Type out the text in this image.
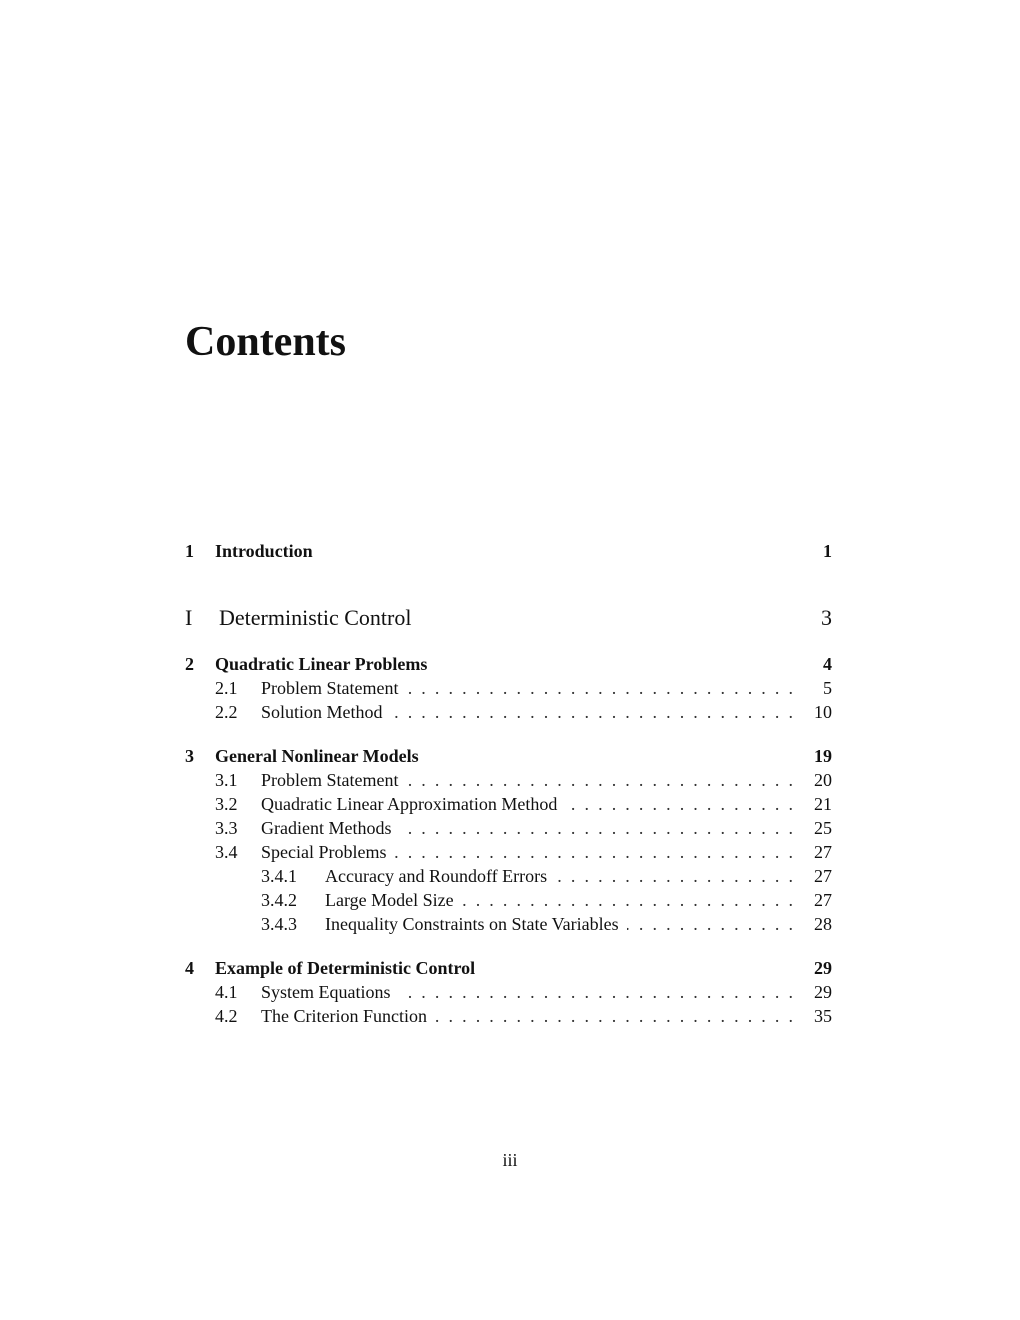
Contents
1 Introduction	1
I Deterministic Control	3
2 Quadratic Linear Problems	4
2.1 Problem Statement	5
. . .
2.2 Solution Method	10
. . .
3 General Nonlinear Models	19
3.1 Problem Statement	20
. . .
3.2 Quadratic Linear Approximation Method	21
. . .
3.3 Gradient Methods	25
. . .
3.4 Special Problems	27
. . .
3.4.1 Accuracy and Roundoff Errors	27
. . .
3.4.2 Large Model Size	27
. . .
3.4.3 Inequality Constraints on State Variables	28
. . .
4 Example of Deterministic Control	29
4.1 System Equations	29
. . .
4.2 The Criterion Function	35
. . .
iii
